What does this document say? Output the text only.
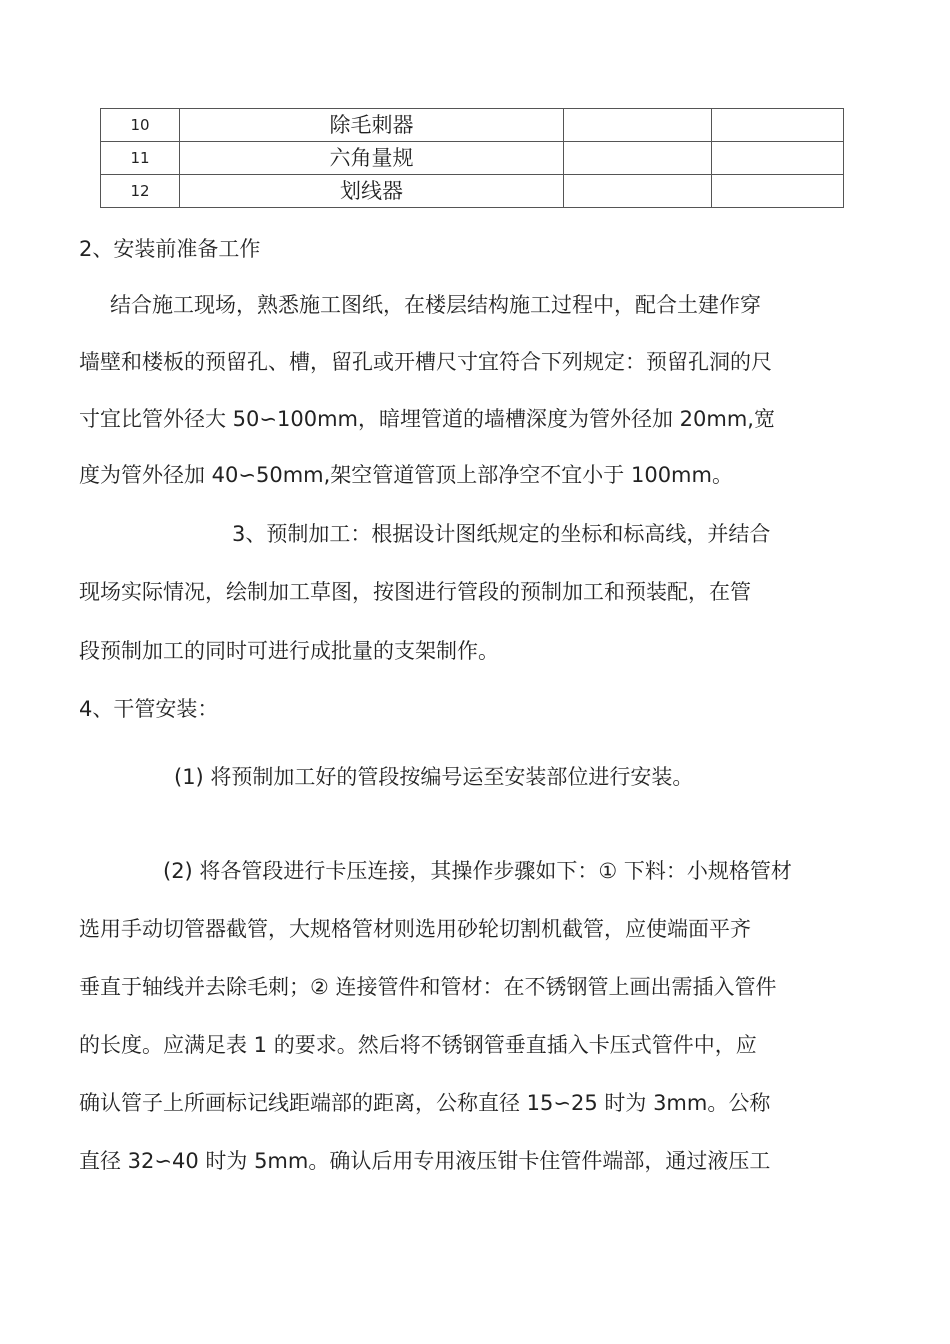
10	除毛刺器		
11	六角量规		
12	划线器		

2、安装前准备工作

结合施工现场，熟悉施工图纸，在楼层结构施工过程中，配合土建作穿

墙壁和楼板的预留孔、槽，留孔或开槽尺寸宜符合下列规定：预留孔洞的尺

寸宜比管外径大 50∽100mm，暗埋管道的墙槽深度为管外径加 20mm,宽

度为管外径加 40∽50mm,架空管道管顶上部净空不宜小于 100mm。

3、预制加工：根据设计图纸规定的坐标和标高线，并结合

现场实际情况，绘制加工草图，按图进行管段的预制加工和预装配，在管

段预制加工的同时可进行成批量的支架制作。

4、干管安装：

(1) 将预制加工好的管段按编号运至安装部位进行安装。

(2) 将各管段进行卡压连接，其操作步骤如下：① 下料：小规格管材

选用手动切管器截管，大规格管材则选用砂轮切割机截管，应使端面平齐

垂直于轴线并去除毛刺；② 连接管件和管材：在不锈钢管上画出需插入管件

的长度。应满足表 1 的要求。然后将不锈钢管垂直插入卡压式管件中，应

确认管子上所画标记线距端部的距离，公称直径 15∽25 时为 3mm。公称

直径 32∽40 时为 5mm。确认后用专用液压钳卡住管件端部，通过液压工
